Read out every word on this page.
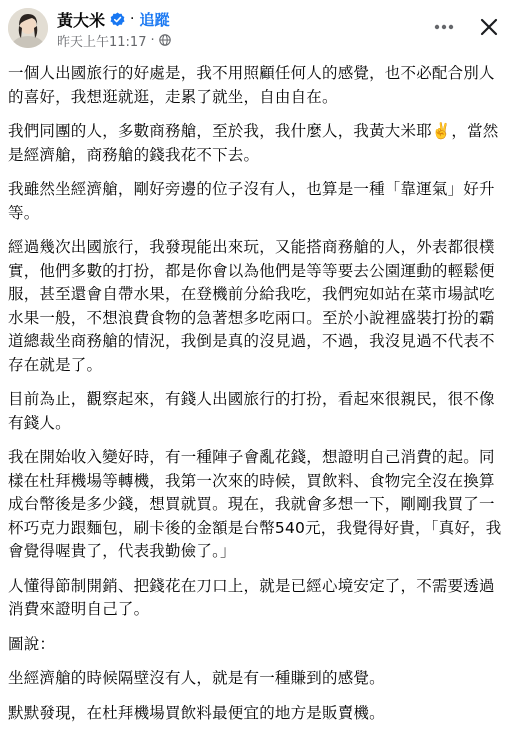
黃大米 · 追蹤
昨天上午11:17 ·

一個人出國旅行的好處是，我不用照顧任何人的感覺，也不必配合別人的喜好，我想逛就逛，走累了就坐，自由自在。

我們同團的人，多數商務艙，至於我，我什麼人，我黃大米耶✌️，當然是經濟艙，商務艙的錢我花不下去。

我雖然坐經濟艙，剛好旁邊的位子沒有人，也算是一種「靠運氣」好升等。

經過幾次出國旅行，我發現能出來玩，又能搭商務艙的人，外表都很樸實，他們多數的打扮，都是你會以為他們是等等要去公園運動的輕鬆便服，甚至還會自帶水果，在登機前分給我吃，我們宛如站在菜市場試吃水果一般，不想浪費食物的急著想多吃兩口。至於小說裡盛裝打扮的霸道總裁坐商務艙的情況，我倒是真的沒見過，不過，我沒見過不代表不存在就是了。

目前為止，觀察起來，有錢人出國旅行的打扮，看起來很親民，很不像有錢人。

我在開始收入變好時，有一種陣子會亂花錢，想證明自己消費的起。同樣在杜拜機場等轉機，我第一次來的時候，買飲料、食物完全沒在換算成台幣後是多少錢，想買就買。現在，我就會多想一下，剛剛我買了一杯巧克力跟麵包，刷卡後的金額是台幣540元，我覺得好貴，「真好，我會覺得喔貴了，代表我勤儉了。」

人懂得節制開銷、把錢花在刀口上，就是已經心境安定了，不需要透過消費來證明自己了。

圖說：

坐經濟艙的時候隔壁沒有人，就是有一種賺到的感覺。

默默發現，在杜拜機場買飲料最便宜的地方是販賣機。
